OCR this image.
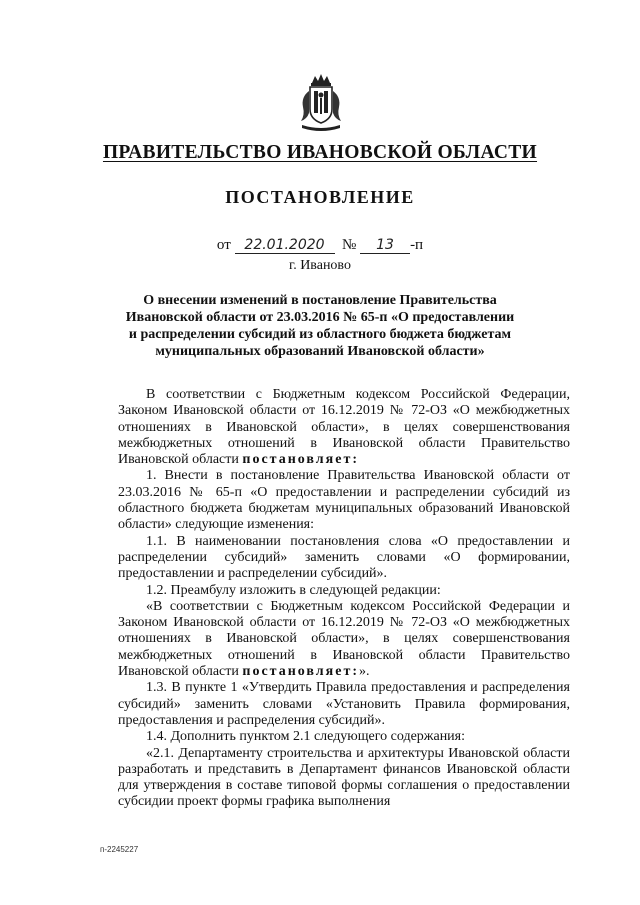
ПРАВИТЕЛЬСТВО ИВАНОВСКОЙ ОБЛАСТИ
ПОСТАНОВЛЕНИЕ
от 22.01.2020 № 13 -п
г. Иваново
О внесении изменений в постановление Правительства
Ивановской области от 23.03.2016 № 65-п «О предоставлении
и распределении субсидий из областного бюджета бюджетам
муниципальных образований Ивановской области»

В соответствии с Бюджетным кодексом Российской Федерации, Законом Ивановской области от 16.12.2019 № 72-ОЗ «О межбюджетных отношениях в Ивановской области», в целях совершенствования межбюджетных отношений в Ивановской области Правительство Ивановской области постановляет:

1. Внести в постановление Правительства Ивановской области от 23.03.2016 № 65-п «О предоставлении и распределении субсидий из областного бюджета бюджетам муниципальных образований Ивановской области» следующие изменения:

1.1. В наименовании постановления слова «О предоставлении и распределении субсидий» заменить словами «О формировании, предоставлении и распределении субсидий».

1.2. Преамбулу изложить в следующей редакции:

«В соответствии с Бюджетным кодексом Российской Федерации и Законом Ивановской области от 16.12.2019 № 72-ОЗ «О межбюджетных отношениях в Ивановской области», в целях совершенствования межбюджетных отношений в Ивановской области Правительство Ивановской области постановляет:».

1.3. В пункте 1 «Утвердить Правила предоставления и распределения субсидий» заменить словами «Установить Правила формирования, предоставления и распределения субсидий».

1.4. Дополнить пунктом 2.1 следующего содержания:

«2.1. Департаменту строительства и архитектуры Ивановской области разработать и представить в Департамент финансов Ивановской области для утверждения в составе типовой формы соглашения о предоставлении субсидии проект формы графика выполнения

п-2245227
